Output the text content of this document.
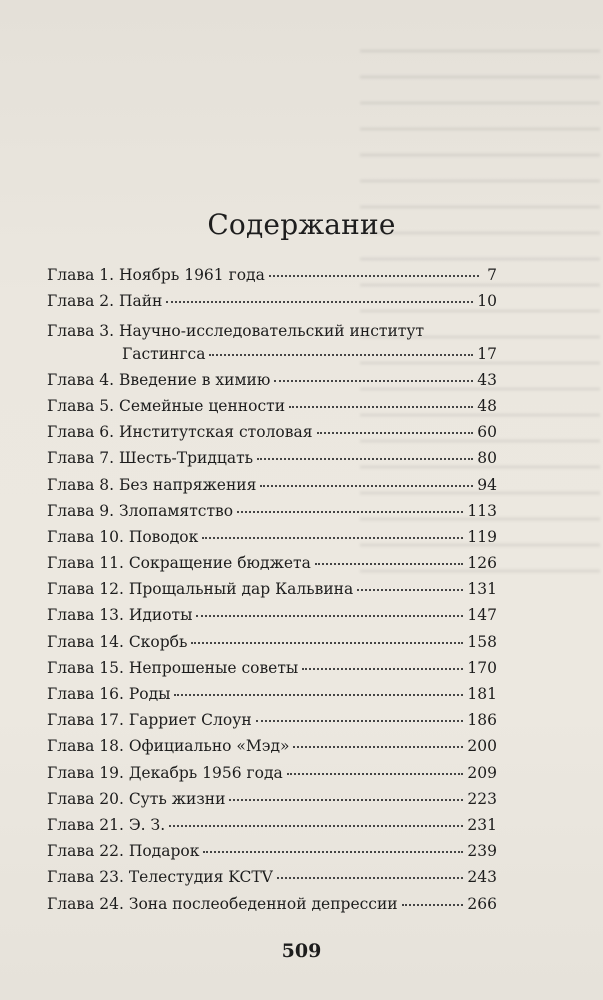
Содержание
Глава 1. Ноябрь 1961 года	7
Глава 2. Пайн	10
Глава 3. Научно-исследовательский институт
Гастингса	17
Глава 4. Введение в химию	43
Глава 5. Семейные ценности	48
Глава 6. Институтская столовая	60
Глава 7. Шесть-Тридцать	80
Глава 8. Без напряжения	94
Глава 9. Злопамятство	113
Глава 10. Поводок	119
Глава 11. Сокращение бюджета	126
Глава 12. Прощальный дар Кальвина	131
Глава 13. Идиоты	147
Глава 14. Скорбь	158
Глава 15. Непрошеные советы	170
Глава 16. Роды	181
Глава 17. Гарриет Слоун	186
Глава 18. Официально «Мэд»	200
Глава 19. Декабрь 1956 года	209
Глава 20. Суть жизни	223
Глава 21. Э. З.	231
Глава 22. Подарок	239
Глава 23. Телестудия KCTV	243
Глава 24. Зона послеобеденной депрессии	266
509
